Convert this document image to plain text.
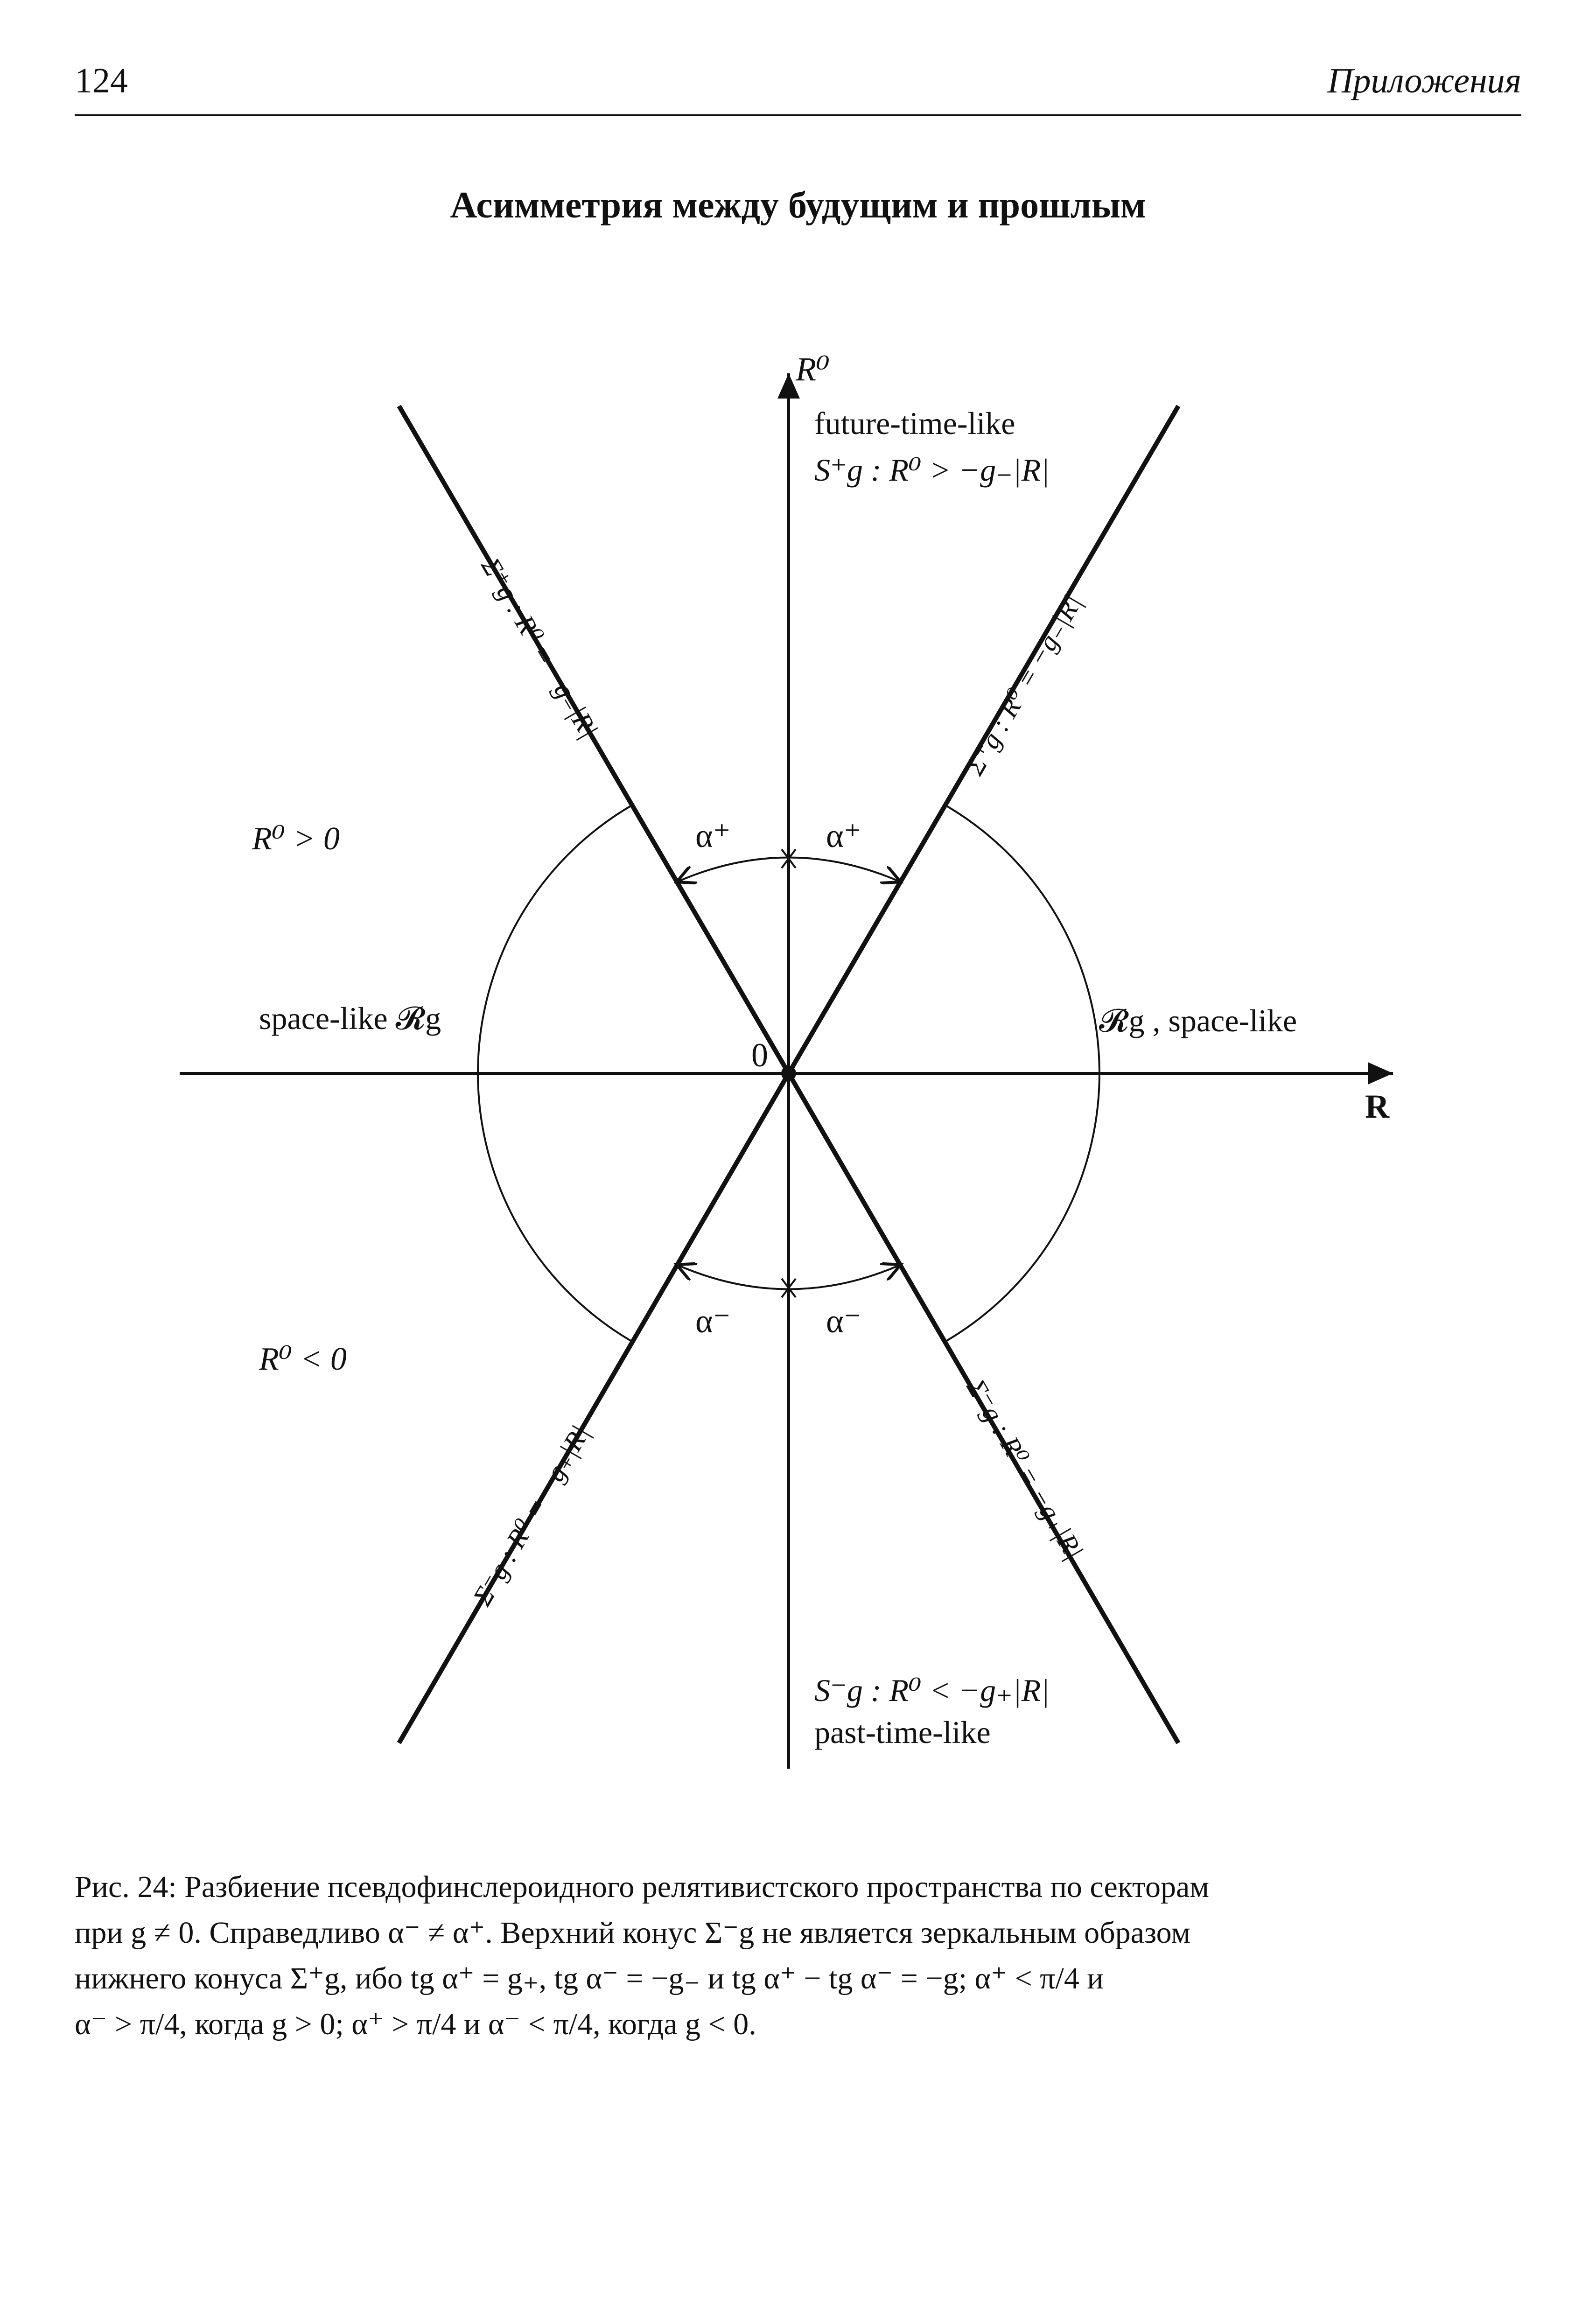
124	Приложения
Асимметрия между будущим и прошлым
R⁰
R
0
future-time-like
S⁺g : R⁰ > −g₋|R|
S⁻g : R⁰ < −g₊|R|
past-time-like
space-like 𝓡g	𝓡g , space-like
R⁰ > 0
R⁰ < 0
α⁺	α⁺
α⁻	α⁻
Σ⁺g : R⁰ = −g₋|R|	Σ⁺g : R⁰ = −g₋|R|
Σ⁻g : R⁰ = −g₊|R|	Σ⁻g : R⁰ = −g₊|R|

Рис. 24: Разбиение псевдофинслероидного релятивистского пространства по секторам

при g ≠ 0. Справедливо α⁻ ≠ α⁺. Верхний конус Σ⁻g не является зеркальным образом

нижнего конуса Σ⁺g, ибо tg α⁺ = g₊, tg α⁻ = −g₋ и tg α⁺ − tg α⁻ = −g; α⁺ < π/4 и

α⁻ > π/4, когда g > 0; α⁺ > π/4 и α⁻ < π/4, когда g < 0.
